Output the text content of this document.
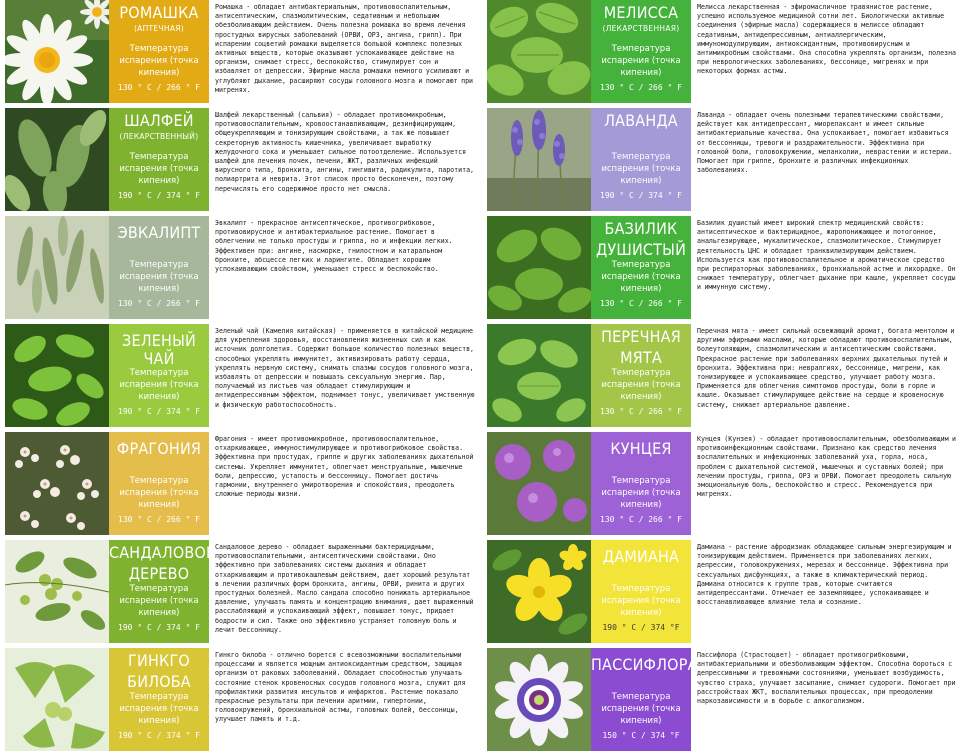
РОМАШКА
(АПТЕЧНАЯ)
Температура испарения (точка кипения)
130 ° C / 266 ° F
Ромашка - обладает антибактериальным, противовоспалительным, антисептическим, спазмолитическим, седативным и небольшим обезболивающим действием. Очень полезна ромашка во время лечения простудных вирусных заболеваний (ОРВИ, ОРЗ, ангина, грипп). При испарении соцветий ромашки выделяется большой комплекс полезных активных веществ, которые оказывают успокаивающее действие на организм, снимает стресс, беспокойство, стимулирует сон и избавляет от депрессии. Эфирные масла ромашки немного усиливают и углубляют дыхание, расширяют сосуды головного мозга и помогают при мигренях.
МЕЛИССА
(ЛЕКАРСТВЕННАЯ)
Температура испарения (точка кипения)
130 ° C / 266 ° F
Мелисса лекарственная - эфиромасличное травянистое растение, успешно используемое медициной сотни лет. Биологически активные соединения (эфирные масла) содержащиеся в мелиссе обладают седативным, антидепрессивным, антиаллергическим, иммуномодулирующим, антиоксидантным, противовирусным и антимикробным свойствами. Она способна укреплять организм, полезна при неврологических заболеваниях, бессонице, мигренях и при некоторых формах астмы.
ШАЛФЕЙ
(ЛЕКАРСТВЕННЫЙ)
Температура испарения (точка кипения)
190 ° C / 374 ° F
Шалфей лекарственный (сальвия) - обладает противомикробным, противовоспалительным, кровоостанавливающим, дезинфицирующим, общеукрепляющим и тонизирующим свойствами, а так же повышает секреторную активность кишечника, увеличивает выработку желудочного сока и уменьшает сильное потоотделение. Используется шалфей для лечения почек, печени, ЖКТ, различных инфекций вирусного типа, бронхита, ангины, гингивита, радикулита, паротита, полиартрита и неврита. Этот список просто бесконечен, поэтому перечислять его содержимое просто нет смысла.
ЛАВАНДА
Температура испарения (точка кипения)
190 ° C / 374 ° F
Лаванда - обладает очень полезными терапевтическими свойствами, действует как антидепрессант, миорелаксант и имеет сильные антибактериальные качества. Она успокаивает, помогает избавиться от бессонницы, тревоги и раздражительности. Эффективна при головной боли, головокружении, меланхолии, неврастении и истерии. Помогает при гриппе, бронхите и различных инфекционных заболеваниях.
ЭВКАЛИПТ
Температура испарения (точка кипения)
130 ° C / 266 ° F
Эвкалипт - прекрасное антисептическое, противогрибковое, противовирусное и антибактериальное растение. Помогает в облегчении не только простуды и гриппа, но и инфекции легких. Эффективен при: ангине, насморке, гнилостном и катаральном бронхите, абсцессе легких и ларингите. Обладает хорошим успокаивающим свойством, уменьшает стресс и беспокойство.
БАЗИЛИК ДУШИСТЫЙ
Температура испарения (точка кипения)
130 ° C / 266 ° F
Базилик душистый имеет широкий спектр медицинский свойств: антисептическое и бактерицидное, жаропонижающее и потогонное, анальгезирующее, мукалитическое, спазмолитическое. Стимулирует деятельность ЦНС и обладает транквилизирующим действием. Используется как противовоспалительное и ароматическое средство при респираторных заболеваниях, бронхиальной астме и лихорадке. Он снижает температуру, облегчает дыхание при кашле, укрепляет сосуды и иммунную систему.
ЗЕЛЕНЫЙ ЧАЙ
Температура испарения (точка кипения)
190 ° C / 374 ° F
Зеленый чай (Камелия китайская) - применяется в китайской медицине для укрепления здоровья, восстановления жизненных сил и как источник долголетия. Содержит большое количество полезных веществ, способных укреплять иммунитет, активизировать работу сердца, укреплять нервную систему, снимать спазмы сосудов головного мозга, избавлять от депрессии и повышать сексуальную энергию. Пар, получаемый из листьев чая обладает стимулирующим и антидепрессивным эффектом, поднимает тонус, увеличивает умственную и физическую работоспособность.
ПЕРЕЧНАЯ МЯТА
Температура испарения (точка кипения)
130 ° C / 266 ° F
Перечная мята - имеет сильный освежающий аромат, богата ментолом и другими эфирными маслами, которые обладают противовоспалительным, болеутоляющим, спазмолитическим и антисептическим свойствами. Прекрасное растение при заболеваниях верхних дыхательных путей и бронхита. Эффективна при: невралгиях, бессоннице, мигрени, как тонизирующее и успокаивающее средство, улучшает работу мозга. Применяется для облегчения симптомов простуды, боли в горле и кашле. Оказывает стимулирующее действие на сердце и кровеносную систему, снижает артериальное давление.
ФРАГОНИЯ
Температура испарения (точка кипения)
130 ° C / 266 ° F
Фрагония - имеет противомикробное, противовоспалительное, отхаркивающее, иммуностимулирующее и противогрибковое свойства. Эффективна при простудах, гриппе и других заболеваниях дыхательной системы. Укрепляет иммунитет, облегчает менструальные, мышечные боли, депрессию, усталость и бессонницу. Помогает достичь гармонии, внутреннего умиротворения и спокойствия, преодолеть сложные периоды жизни.
КУНЦЕЯ
Температура испарения (точка кипения)
130 ° C / 266 ° F
Кунцея (Кунзея) - обладает противовоспалительным, обезболивающим и противоинфекционным свойствами. Признано как средство лечения воспалительных и инфекционных заболеваний уха, горла, носа, проблем с дыхательной системой, мышечных и суставных болей; при лечении простуды, гриппа, ОРЗ и ОРВИ. Помогает преодолеть сильную эмоциональную боль, беспокойство и стресс. Рекомендуется при мигренях.
САНДАЛОВОЕ ДЕРЕВО
Температура испарения (точка кипения)
190 ° C / 374 ° F
Сандаловое дерево - обладает выраженными бактерицидными, противовоспалительными, антисептическими свойствами. Оно эффективно при заболеваниях системы дыхания и обладает отхаркивающим и противокашлевым действием, дает хороший результат в лечении различных форм бронхита, ангины, ОРВИ, ринита и других простудных болезней. Масло сандала способно понижать артериальное давление, улучшать память и концентрацию внимания, дает выраженный расслабляющий и успокаивающий эффект, повышает тонус, придает бодрости и сил. Также оно эффективно устраняет головную боль и лечит бессонницу.
ДАМИАНА
Температура испарения (точка кипения)
190 ° C / 374 °F
Дамиана - растение афродизиак обладающее сильным энергезирующим и тонизирующим действием. Применяется при заболеваниях легких, депрессии, головокружениях, мерезах и бессоннице. Эффективна при сексуальных дисфункциях, а также в климактерический период. Дамиана относится к группе трав, которые считаются антидепрессантами. Отмечает ее заземляющее, успокаивающее и восстанавливающее влияние тела и сознание.
ГИНКГО БИЛОБА
Температура испарения (точка кипения)
190 ° C / 374 ° F
Гинкго билоба - отлично борется с всевозможными воспалительными процессами и является мощным антиоксидантным средством, защищая организм от раковых заболеваний. Обладает способностью улучшать состояние стенок кровеносных сосудов головного мозга, служит для профилактики развития инсультов и инфарктов. Растение показало прекрасные результаты при лечении аритмии, гипертонии, головокружений, бронхиальной астмы, головных болей, бессоницы, улучшает память и т.д.
ПАССИФЛОРА
Температура испарения (точка кипения)
150 ° C / 374 °F
Пассифлора (Страстоцвет) - обладает противогрибковыми, антибактериальными и обезболивающим эффектом. Способна бороться с депрессивными и тревожными состояниями, уменьшает возбудимость, чувство страха, улучшает засыпание, снимает судороги. Помогает при расстройствах ЖКТ, воспалительных процессах, при преодолении наркозависимости и в борьбе с алкоголизмом.
